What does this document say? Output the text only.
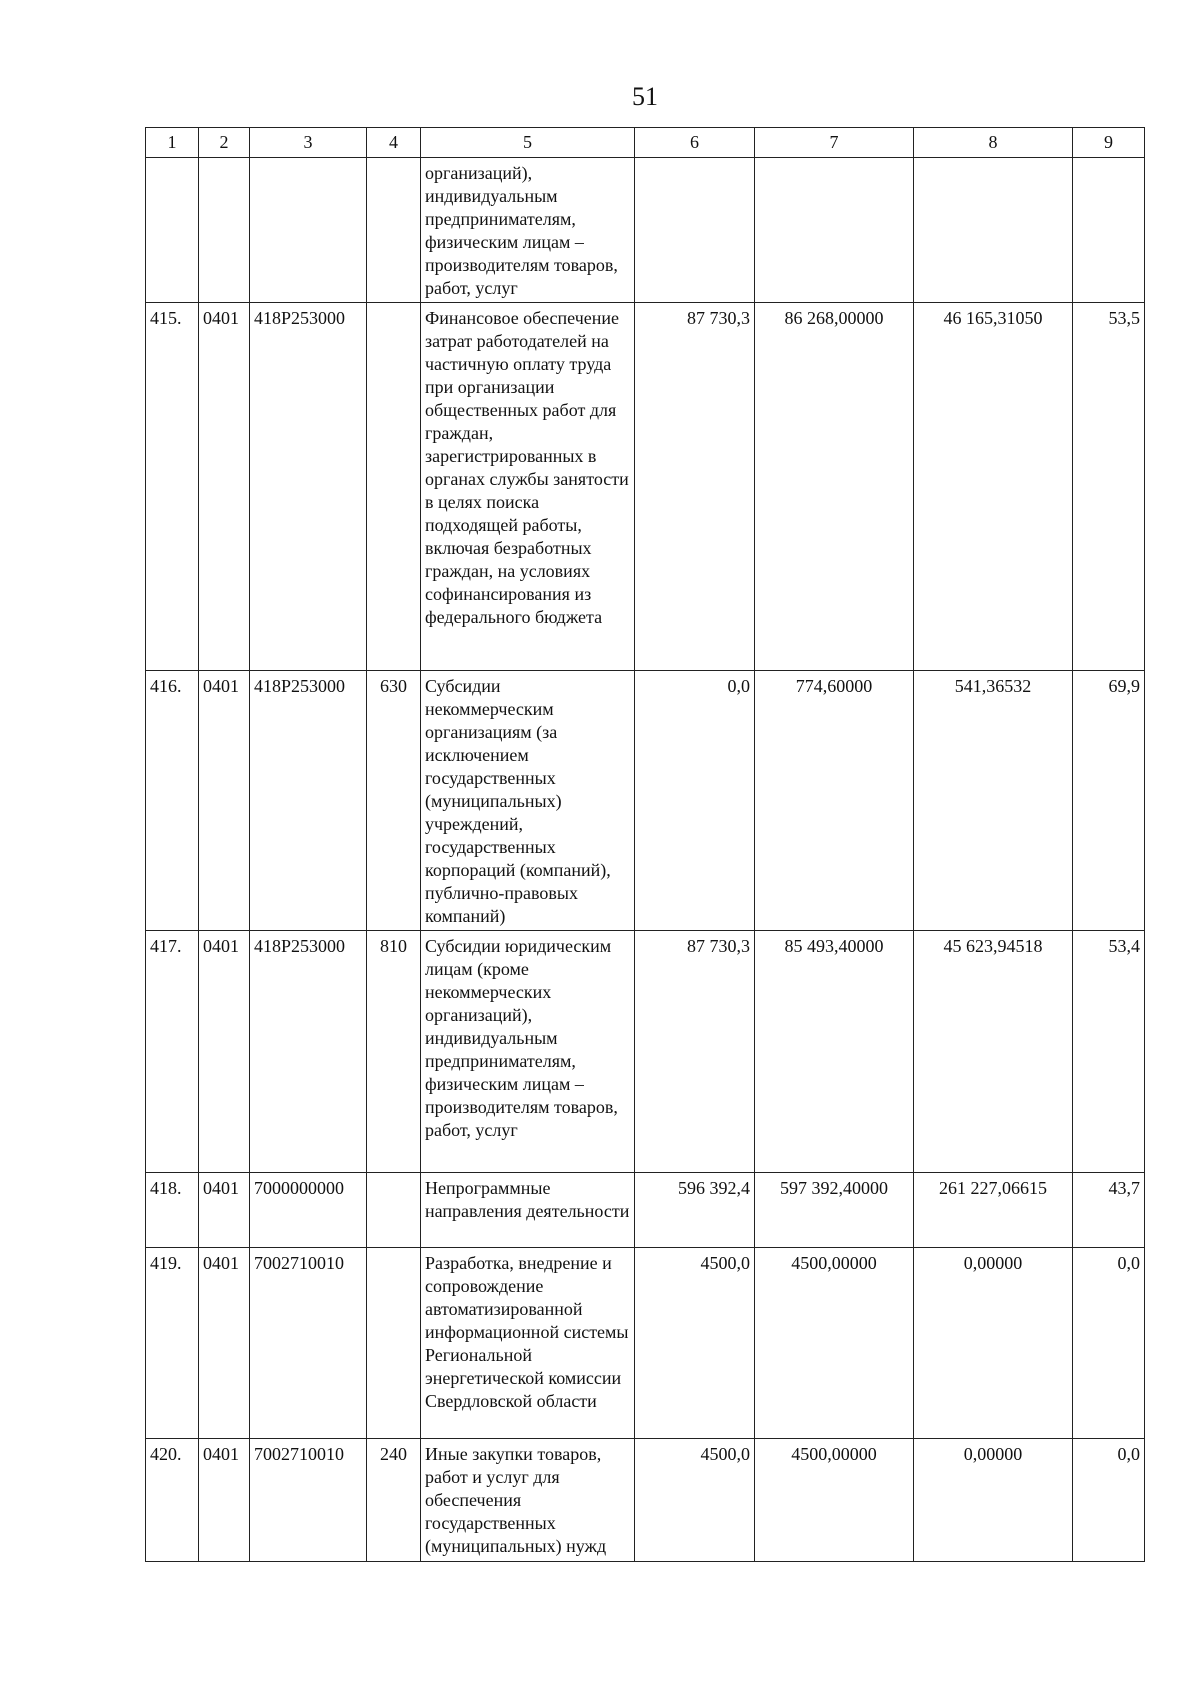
51
1	2	3	4	5	6	7	8	9
				организаций), индивидуальным предпринимателям, физическим лицам – производителям товаров, работ, услуг				
415.	0401	418Р253000		Финансовое обеспечение затрат работодателей на частичную оплату труда при организации общественных работ для граждан, зарегистрированных в органах службы занятости в целях поиска подходящей работы, включая безработных граждан, на условиях софинансирования из федерального бюджета	87 730,3	86 268,00000	46 165,31050	53,5
416.	0401	418Р253000	630	Субсидии некоммерческим организациям (за исключением государственных (муниципальных) учреждений, государственных корпораций (компаний), публично-правовых компаний)	0,0	774,60000	541,36532	69,9
417.	0401	418Р253000	810	Субсидии юридическим лицам (кроме некоммерческих организаций), индивидуальным предпринимателям, физическим лицам – производителям товаров, работ, услуг	87 730,3	85 493,40000	45 623,94518	53,4
418.	0401	7000000000		Непрограммные направления деятельности	596 392,4	597 392,40000	261 227,06615	43,7
419.	0401	7002710010		Разработка, внедрение и сопровождение автоматизированной информационной системы Региональной энергетической комиссии Свердловской области	4500,0	4500,00000	0,00000	0,0
420.	0401	7002710010	240	Иные закупки товаров, работ и услуг для обеспечения государственных (муниципальных) нужд	4500,0	4500,00000	0,00000	0,0
